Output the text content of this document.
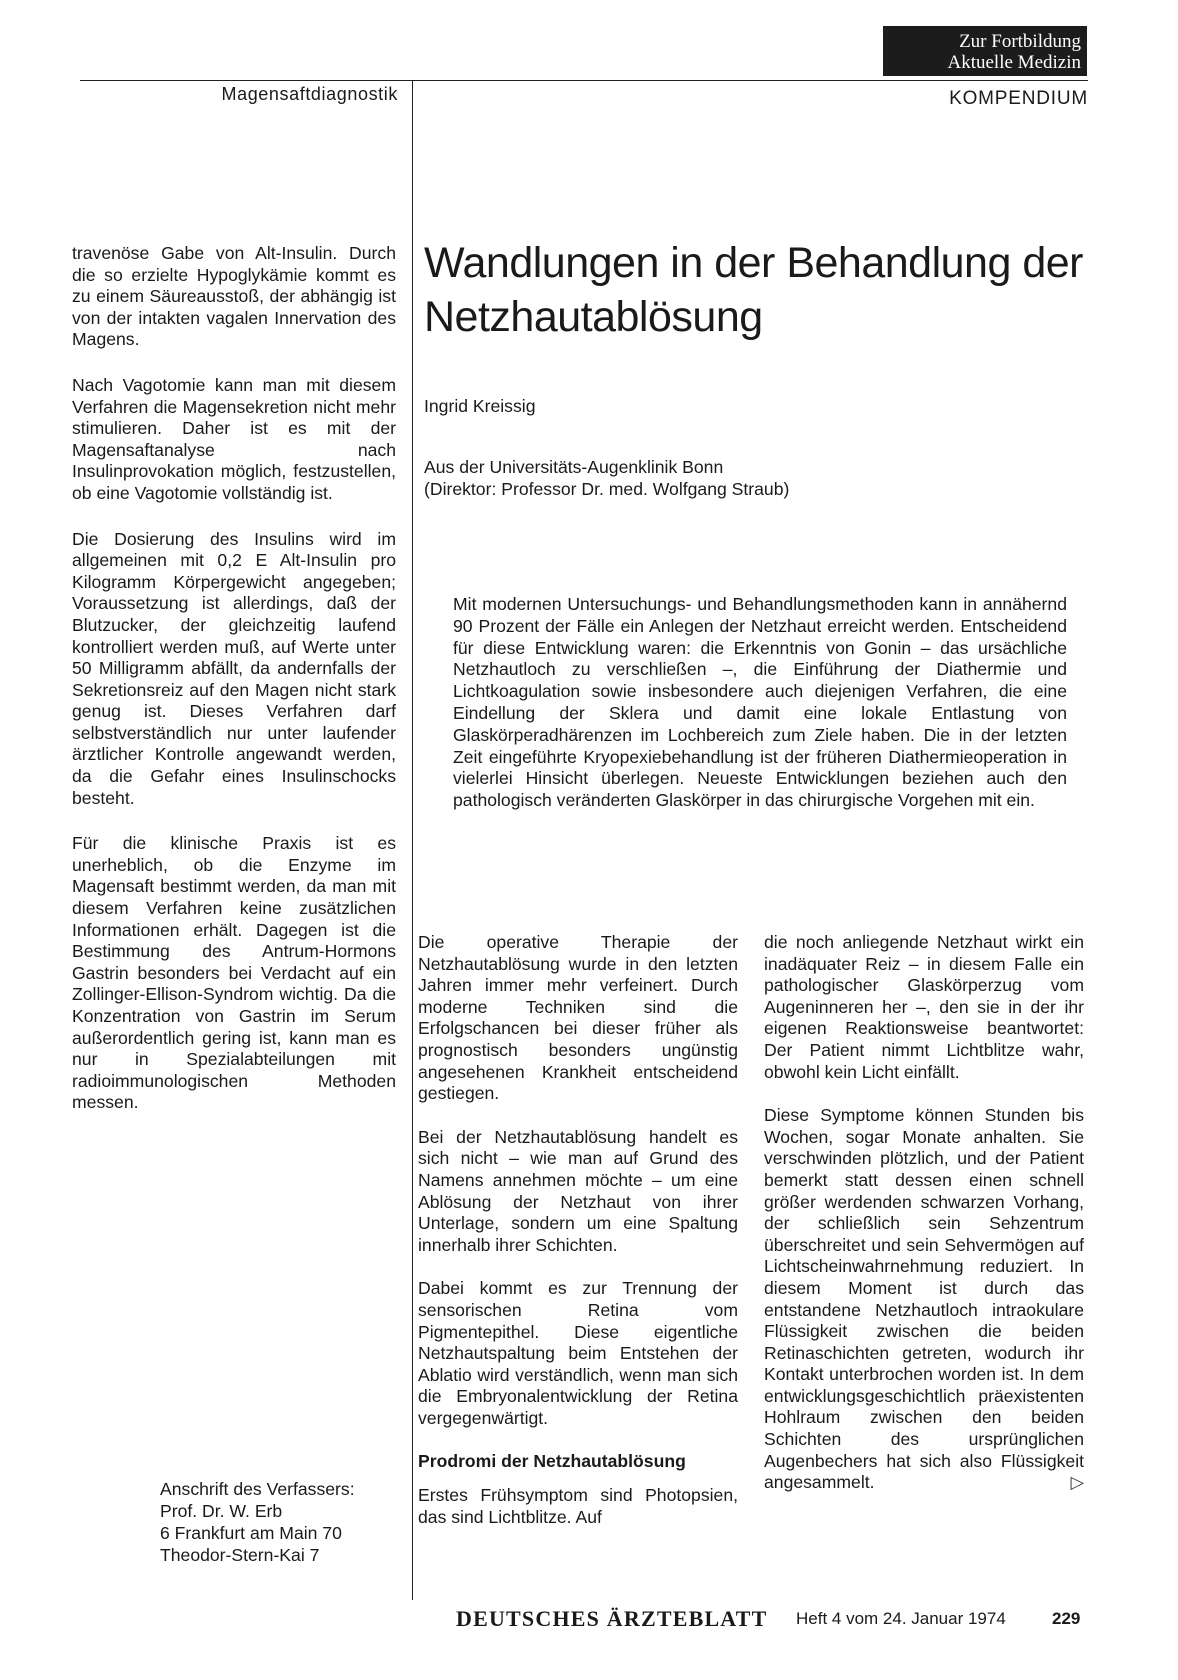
Zur Fortbildung
Aktuelle Medizin
Magensaftdiagnostik	KOMPENDIUM

travenöse Gabe von Alt-Insulin. Durch die so erzielte Hypoglykämie kommt es zu einem Säureausstoß, der abhängig ist von der intakten vagalen Innervation des Magens.

Nach Vagotomie kann man mit diesem Verfahren die Magensekretion nicht mehr stimulieren. Daher ist es mit der Magensaftanalyse nach Insulinprovokation möglich, festzustellen, ob eine Vagotomie vollständig ist.

Die Dosierung des Insulins wird im allgemeinen mit 0,2 E Alt-Insulin pro Kilogramm Körpergewicht angegeben; Voraussetzung ist allerdings, daß der Blutzucker, der gleichzeitig laufend kontrolliert werden muß, auf Werte unter 50 Milligramm abfällt, da andernfalls der Sekretionsreiz auf den Magen nicht stark genug ist. Dieses Verfahren darf selbstverständlich nur unter laufender ärztlicher Kontrolle angewandt werden, da die Gefahr eines Insulinschocks besteht.

Für die klinische Praxis ist es unerheblich, ob die Enzyme im Magensaft bestimmt werden, da man mit diesem Verfahren keine zusätzlichen Informationen erhält. Dagegen ist die Bestimmung des Antrum-Hormons Gastrin besonders bei Verdacht auf ein Zollinger-Ellison-Syndrom wichtig. Da die Konzentration von Gastrin im Serum außerordentlich gering ist, kann man es nur in Spezialabteilungen mit radioimmunologischen Methoden messen.

Anschrift des Verfassers:
Prof. Dr. W. Erb
6 Frankfurt am Main 70
Theodor-Stern-Kai 7
Wandlungen in der Behandlung der Netzhautablösung
Ingrid Kreissig
Aus der Universitäts-Augenklinik Bonn
(Direktor: Professor Dr. med. Wolfgang Straub)

Mit modernen Untersuchungs- und Behandlungsmethoden kann in annähernd 90 Prozent der Fälle ein Anlegen der Netzhaut erreicht werden. Entscheidend für diese Entwicklung waren: die Erkenntnis von Gonin – das ursächliche Netzhautloch zu verschließen –, die Einführung der Diathermie und Lichtkoagulation sowie insbesondere auch diejenigen Verfahren, die eine Eindellung der Sklera und damit eine lokale Entlastung von Glaskörperadhärenzen im Lochbereich zum Ziele haben. Die in der letzten Zeit eingeführte Kryopexiebehandlung ist der früheren Diathermieoperation in vielerlei Hinsicht überlegen. Neueste Entwicklungen beziehen auch den pathologisch veränderten Glaskörper in das chirurgische Vorgehen mit ein.

Die operative Therapie der Netzhautablösung wurde in den letzten Jahren immer mehr verfeinert. Durch moderne Techniken sind die Erfolgschancen bei dieser früher als prognostisch besonders ungünstig angesehenen Krankheit entscheidend gestiegen.

Bei der Netzhautablösung handelt es sich nicht – wie man auf Grund des Namens annehmen möchte – um eine Ablösung der Netzhaut von ihrer Unterlage, sondern um eine Spaltung innerhalb ihrer Schichten.

Dabei kommt es zur Trennung der sensorischen Retina vom Pigmentepithel. Diese eigentliche Netzhautspaltung beim Entstehen der Ablatio wird verständlich, wenn man sich die Embryonalentwicklung der Retina vergegenwärtigt.

Prodromi der Netzhautablösung

Erstes Frühsymptom sind Photopsien, das sind Lichtblitze. Auf

die noch anliegende Netzhaut wirkt ein inadäquater Reiz – in diesem Falle ein pathologischer Glaskörperzug vom Augeninneren her –, den sie in der ihr eigenen Reaktionsweise beantwortet: Der Patient nimmt Lichtblitze wahr, obwohl kein Licht einfällt.

Diese Symptome können Stunden bis Wochen, sogar Monate anhalten. Sie verschwinden plötzlich, und der Patient bemerkt statt dessen einen schnell größer werdenden schwarzen Vorhang, der schließlich sein Sehzentrum überschreitet und sein Sehvermögen auf Lichtscheinwahrnehmung reduziert. In diesem Moment ist durch das entstandene Netzhautloch intraokulare Flüssigkeit zwischen die beiden Retinaschichten getreten, wodurch ihr Kontakt unterbrochen worden ist. In dem entwicklungsgeschichtlich präexistenten Hohlraum zwischen den beiden Schichten des ursprünglichen Augenbechers hat sich also Flüssigkeit angesammelt.	▷

DEUTSCHES ÄRZTEBLATT Heft 4 vom 24. Januar 1974	229
